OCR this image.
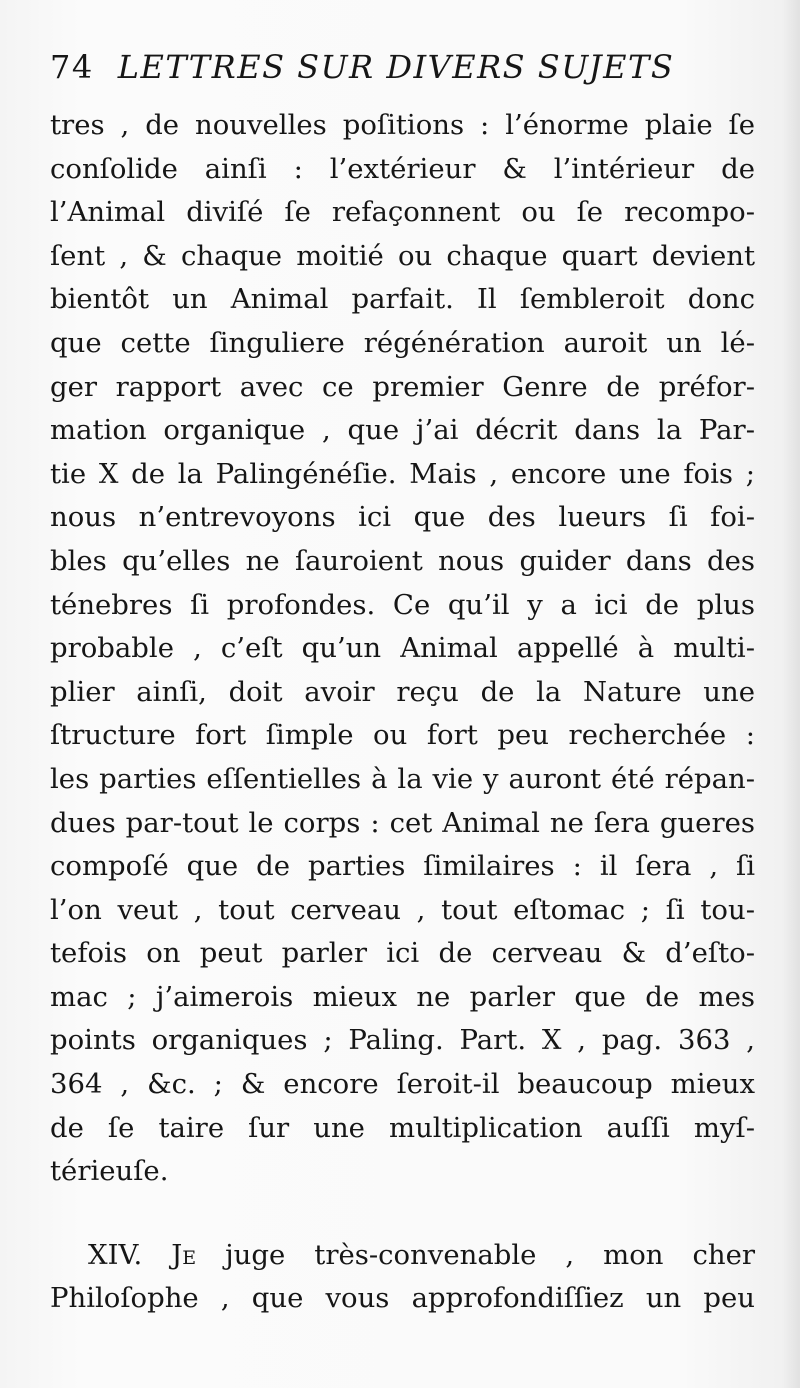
74 LETTRES SUR DIVERS SUJETS
tres , de nouvelles poſitions : l’énorme plaie ſe
conſolide ainſi : l’extérieur & l’intérieur de
l’Animal diviſé ſe refaçonnent ou ſe recompo-
ſent , & chaque moitié ou chaque quart devient
bientôt un Animal parfait. Il ſembleroit donc
que cette ſinguliere régénération auroit un lé-
ger rapport avec ce premier Genre de préfor-
mation organique , que j’ai décrit dans la Par-
tie X de la Palingénéſie. Mais , encore une fois ;
nous n’entrevoyons ici que des lueurs ſi foi-
bles qu’elles ne ſauroient nous guider dans des
ténebres ſi profondes. Ce qu’il y a ici de plus
probable , c’eſt qu’un Animal appellé à multi-
plier ainſi, doit avoir reçu de la Nature une
ſtructure fort ſimple ou fort peu recherchée :
les parties eſſentielles à la vie y auront été répan-
dues par-tout le corps : cet Animal ne ſera gueres
compoſé que de parties ſimilaires : il ſera , ſi
l’on veut , tout cerveau , tout eſtomac ; ſi tou-
tefois on peut parler ici de cerveau & d’eſto-
mac ; j’aimerois mieux ne parler que de mes
points organiques ; Paling. Part. X , pag. 363 ,
364 , &c. ; & encore ſeroit-il beaucoup mieux
de ſe taire ſur une multiplication auſſi myſ-
térieuſe.
XIV. Je juge très-convenable , mon cher
Philoſophe , que vous approfondiſſiez un peu
